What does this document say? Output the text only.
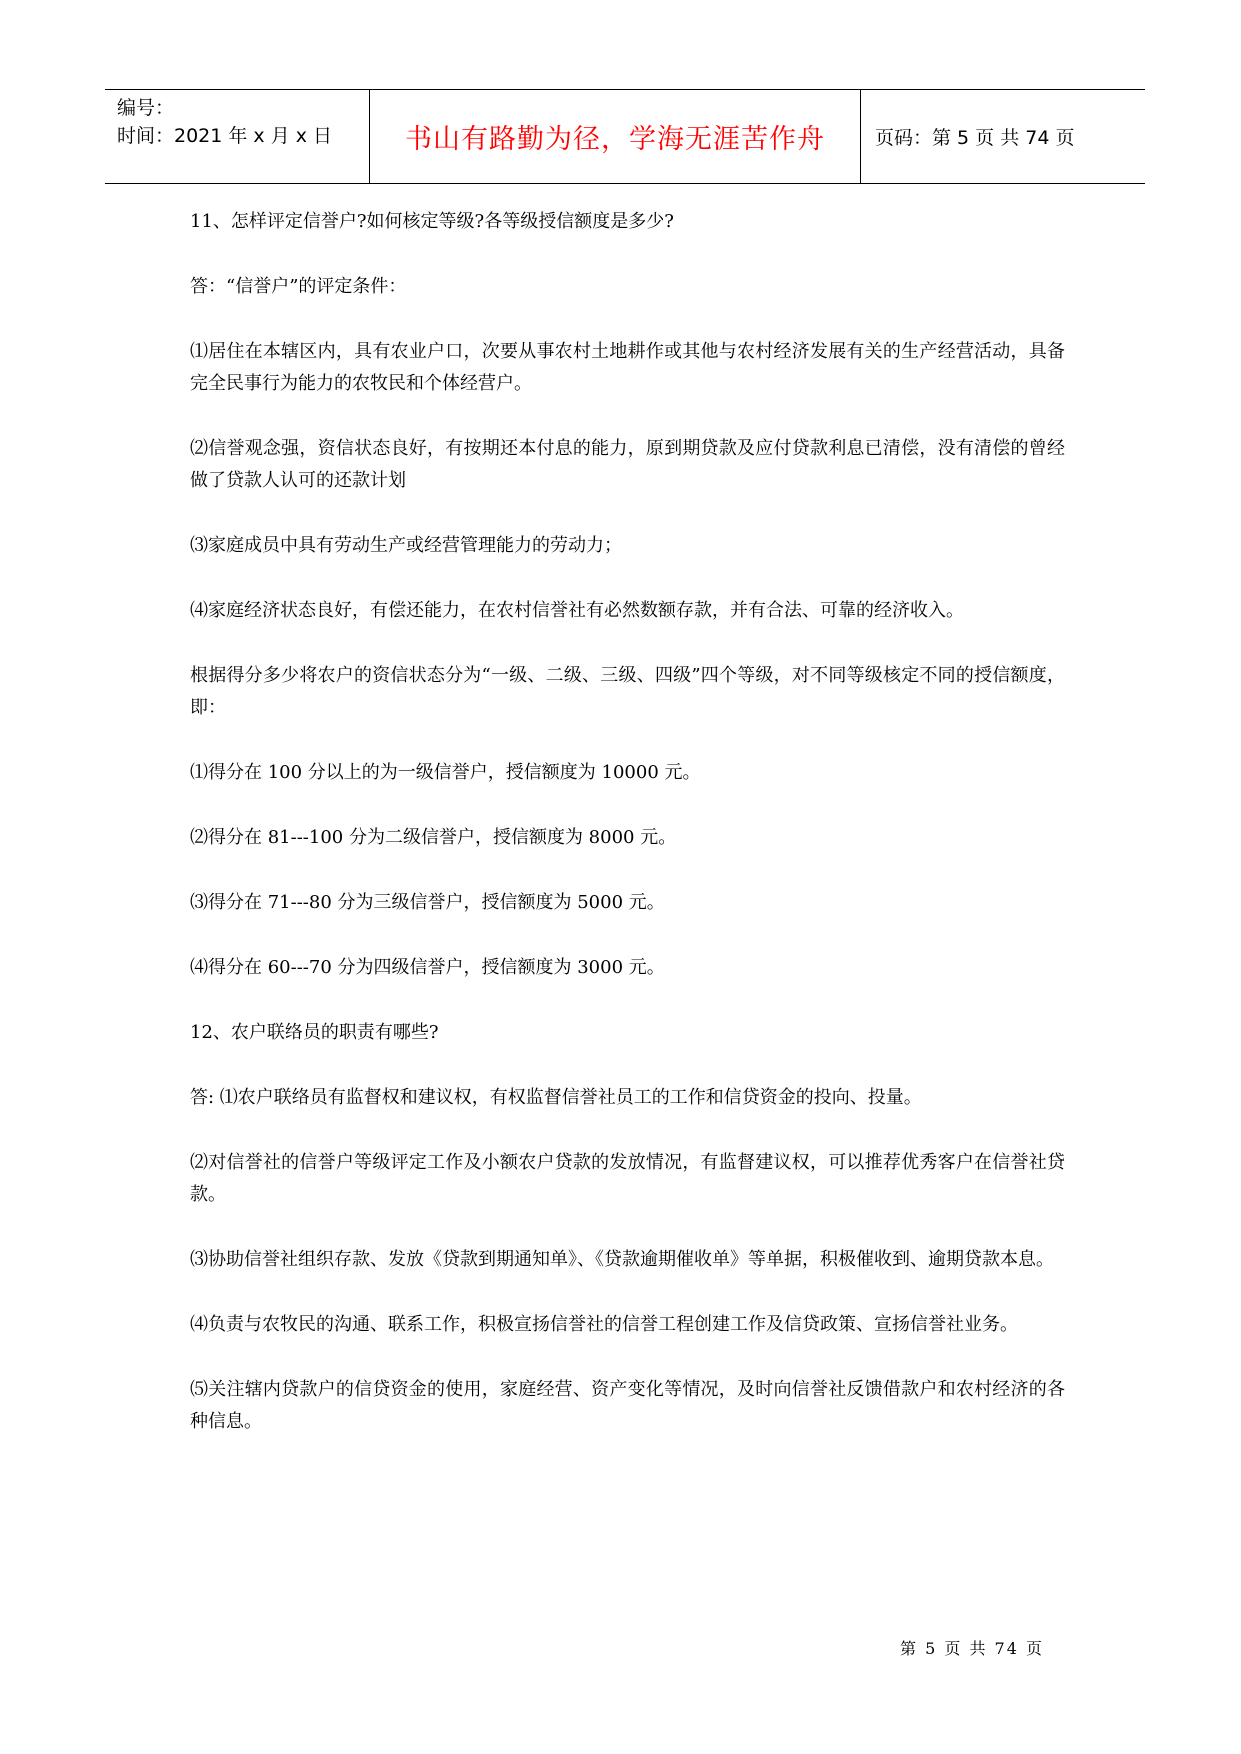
编号：
时间：2021 年 x 月 x 日	书山有路勤为径，学海无涯苦作舟	页码：第 5 页 共 74 页

11、怎样评定信誉户?如何核定等级?各等级授信额度是多少?

答：“信誉户”的评定条件：

⑴居住在本辖区内，具有农业户口，次要从事农村土地耕作或其他与农村经济发展有关的生产经营活动，具备完全民事行为能力的农牧民和个体经营户。

⑵信誉观念强，资信状态良好，有按期还本付息的能力，原到期贷款及应付贷款利息已清偿，没有清偿的曾经做了贷款人认可的还款计划

⑶家庭成员中具有劳动生产或经营管理能力的劳动力；

⑷家庭经济状态良好，有偿还能力，在农村信誉社有必然数额存款，并有合法、可靠的经济收入。

根据得分多少将农户的资信状态分为“一级、二级、三级、四级”四个等级，对不同等级核定不同的授信额度，即：

⑴得分在 100 分以上的为一级信誉户，授信额度为 10000 元。

⑵得分在 81---100 分为二级信誉户，授信额度为 8000 元。

⑶得分在 71---80 分为三级信誉户，授信额度为 5000 元。

⑷得分在 60---70 分为四级信誉户，授信额度为 3000 元。

12、农户联络员的职责有哪些?

答: ⑴农户联络员有监督权和建议权，有权监督信誉社员工的工作和信贷资金的投向、投量。

⑵对信誉社的信誉户等级评定工作及小额农户贷款的发放情况，有监督建议权，可以推荐优秀客户在信誉社贷款。

⑶协助信誉社组织存款、发放《贷款到期通知单》、《贷款逾期催收单》等单据，积极催收到、逾期贷款本息。

⑷负责与农牧民的沟通、联系工作，积极宣扬信誉社的信誉工程创建工作及信贷政策、宣扬信誉社业务。

⑸关注辖内贷款户的信贷资金的使用，家庭经营、资产变化等情况，及时向信誉社反馈借款户和农村经济的各种信息。

第 5 页 共 74 页
